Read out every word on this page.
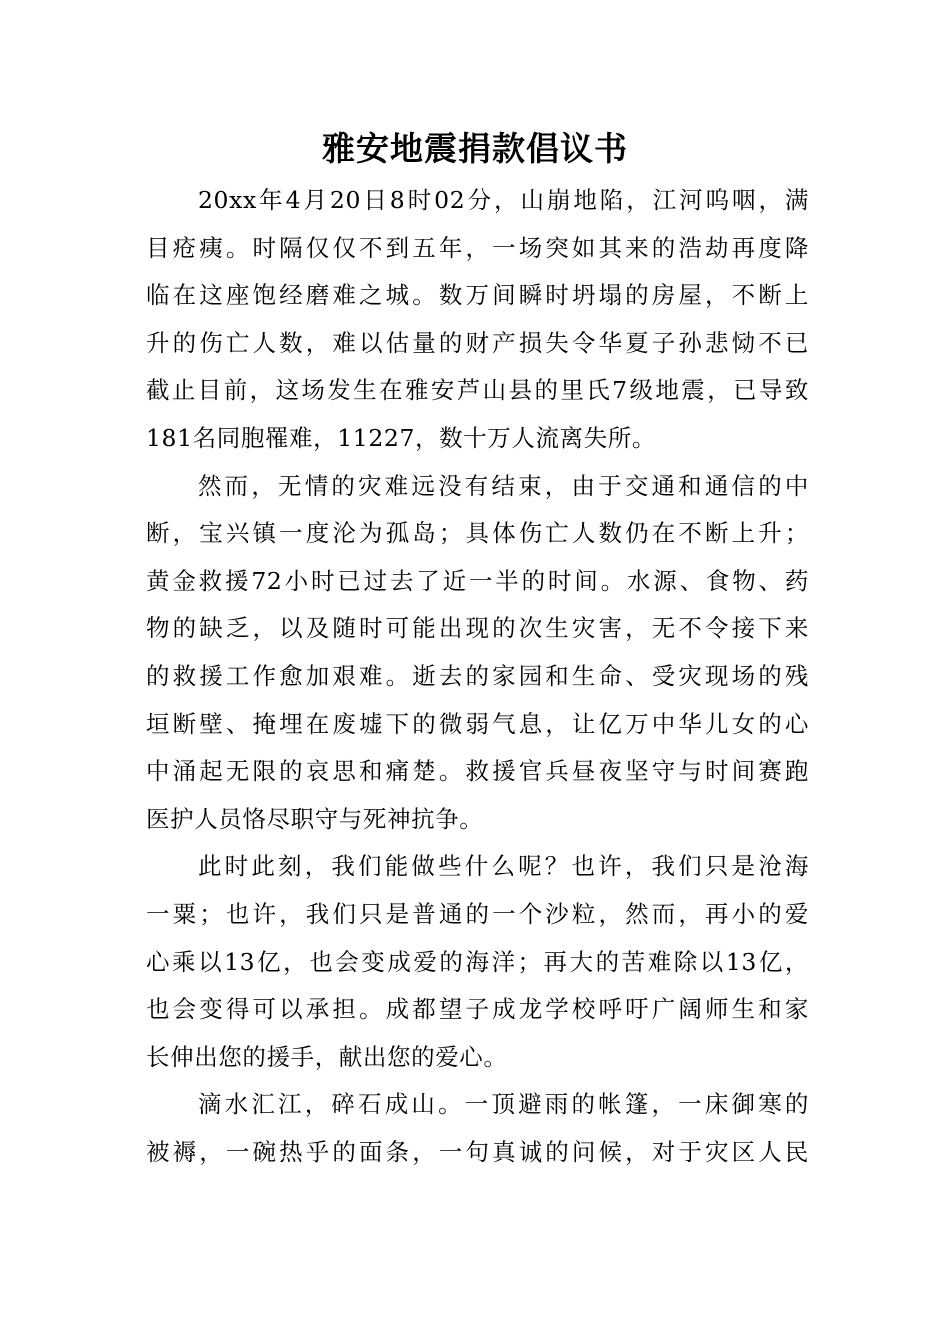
雅安地震捐款倡议书

20xx年4月20日8时02分，山崩地陷，江河呜咽，满
目疮痍。时隔仅仅不到五年，一场突如其来的浩劫再度降
临在这座饱经磨难之城。数万间瞬时坍塌的房屋，不断上
升的伤亡人数，难以估量的财产损失令华夏子孙悲恸不已
截止目前，这场发生在雅安芦山县的里氏7级地震，已导致
181名同胞罹难，11227，数十万人流离失所。

然而，无情的灾难远没有结束，由于交通和通信的中
断，宝兴镇一度沦为孤岛；具体伤亡人数仍在不断上升；
黄金救援72小时已过去了近一半的时间。水源、食物、药
物的缺乏，以及随时可能出现的次生灾害，无不令接下来
的救援工作愈加艰难。逝去的家园和生命、受灾现场的残
垣断壁、掩埋在废墟下的微弱气息，让亿万中华儿女的心
中涌起无限的哀思和痛楚。救援官兵昼夜坚守与时间赛跑
医护人员恪尽职守与死神抗争。

此时此刻，我们能做些什么呢？也许，我们只是沧海
一粟；也许，我们只是普通的一个沙粒，然而，再小的爱
心乘以13亿，也会变成爱的海洋；再大的苦难除以13亿，
也会变得可以承担。成都望子成龙学校呼吁广阔师生和家
长伸出您的援手，献出您的爱心。

滴水汇江，碎石成山。一顶避雨的帐篷，一床御寒的
被褥，一碗热乎的面条，一句真诚的问候，对于灾区人民
